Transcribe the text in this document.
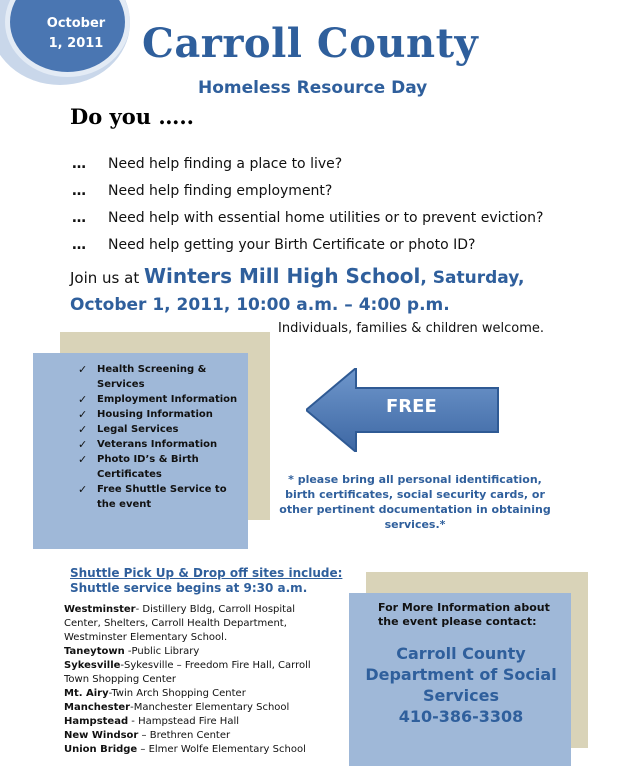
October
1, 2011 Carroll County
Homeless Resource Day
Do you …..
…	Need help finding a place to live?
…	Need help finding employment?
…	Need help with essential home utilities or to prevent eviction?
…	Need help getting your Birth Certificate or photo ID?
Join us at Winters Mill High School, Saturday,
October 1, 2011, 10:00 a.m. – 4:00 p.m.
Individuals, families & children welcome.
✓ Health Screening & Services
✓ Employment Information
✓ Housing Information
✓ Legal Services
✓ Veterans Information
✓ Photo ID’s & Birth Certificates
✓ Free Shuttle Service to the event
FREE
* please bring all personal identification, birth certificates, social security cards, or other pertinent documentation in obtaining services.*
Shuttle Pick Up & Drop off sites include:
Shuttle service begins at 9:30 a.m.
Westminster- Distillery Bldg, Carroll Hospital Center, Shelters, Carroll Health Department, Westminster Elementary School.
Taneytown -Public Library
Sykesville-Sykesville – Freedom Fire Hall, Carroll Town Shopping Center
Mt. Airy-Twin Arch Shopping Center
Manchester-Manchester Elementary School
Hampstead - Hampstead Fire Hall
New Windsor – Brethren Center
Union Bridge – Elmer Wolfe Elementary School
For More Information about the event please contact:
Carroll County
Department of Social
Services
410-386-3308
